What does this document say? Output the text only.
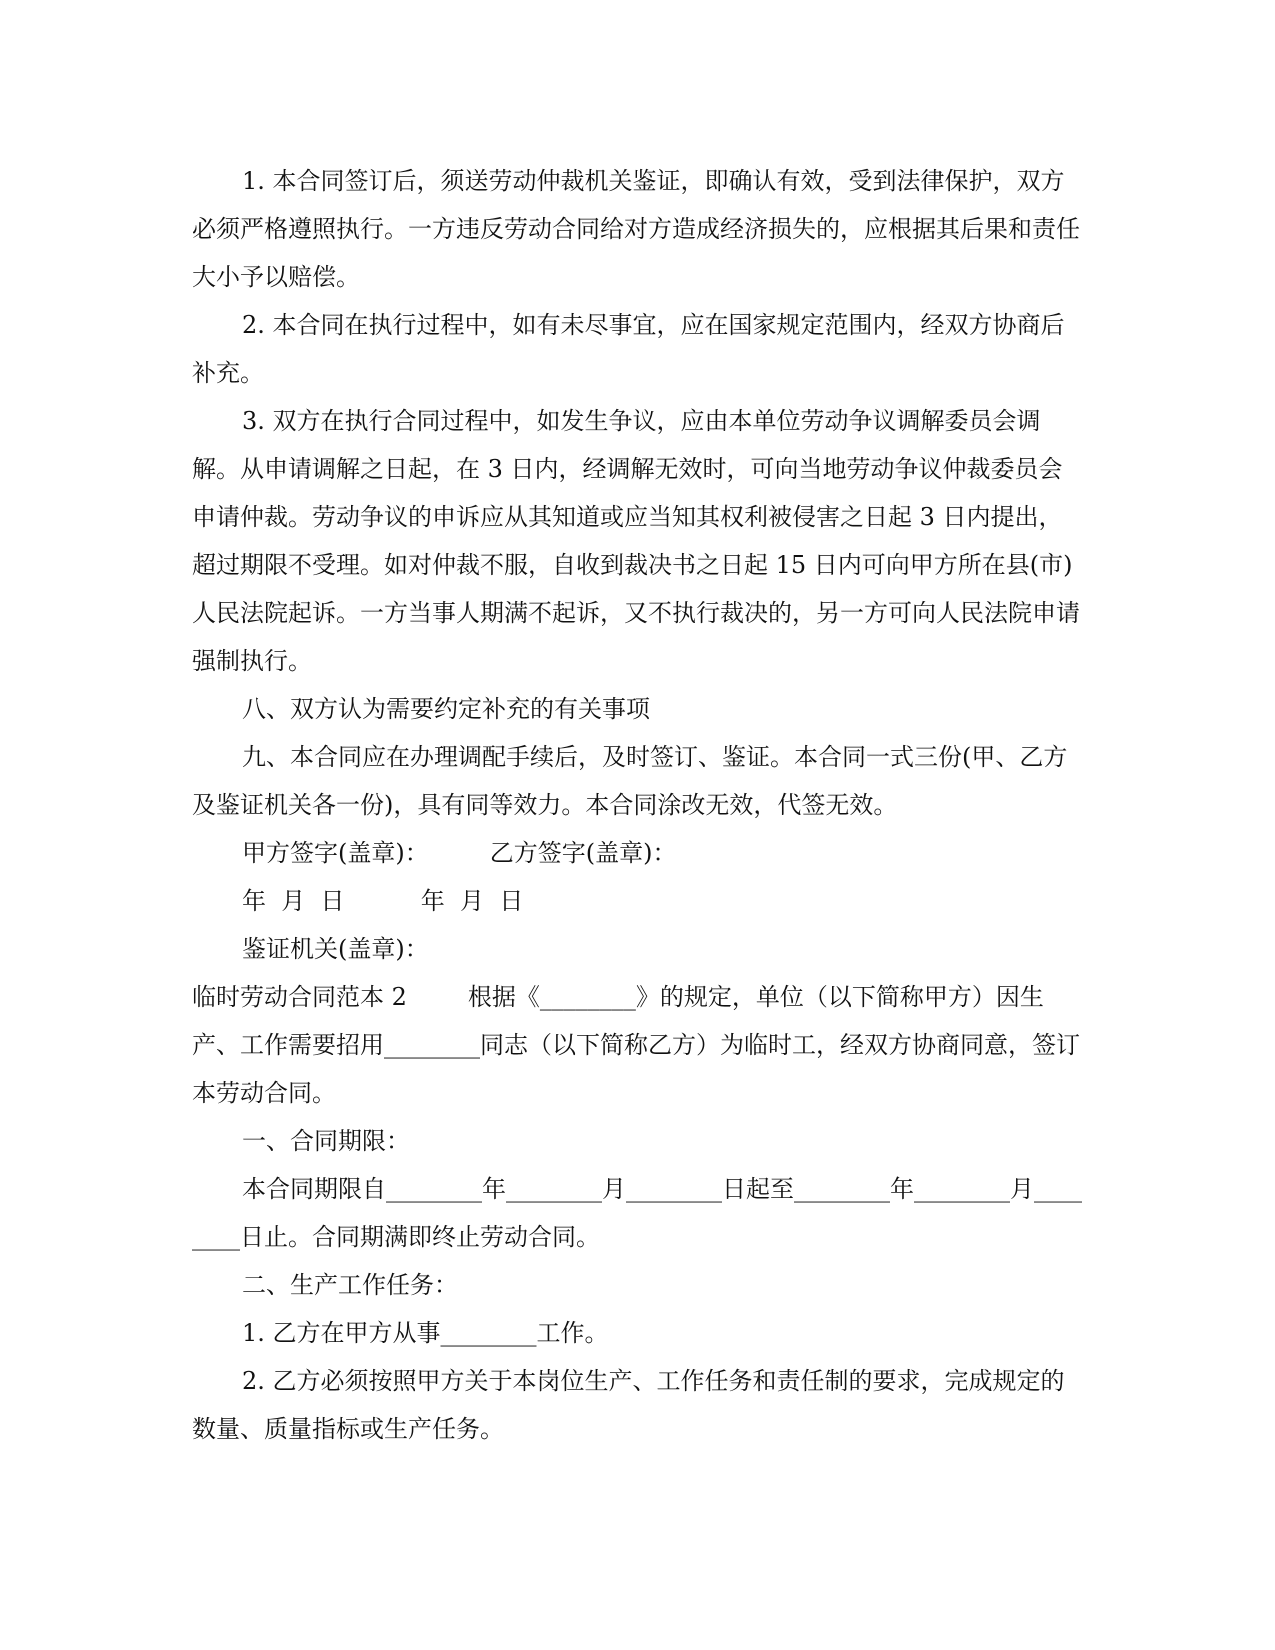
1. 本合同签订后，须送劳动仲裁机关鉴证，即确认有效，受到法律保护，双方必须严格遵照执行。一方违反劳动合同给对方造成经济损失的，应根据其后果和责任大小予以赔偿。

2. 本合同在执行过程中，如有未尽事宜，应在国家规定范围内，经双方协商后补充。

3. 双方在执行合同过程中，如发生争议，应由本单位劳动争议调解委员会调解。从申请调解之日起，在 3 日内，经调解无效时，可向当地劳动争议仲裁委员会申请仲裁。劳动争议的申诉应从其知道或应当知其权利被侵害之日起 3 日内提出，超过期限不受理。如对仲裁不服，自收到裁决书之日起 15 日内可向甲方所在县(市)人民法院起诉。一方当事人期满不起诉，又不执行裁决的，另一方可向人民法院申请强制执行。

八、双方认为需要约定补充的有关事项

九、本合同应在办理调配手续后，及时签订、鉴证。本合同一式三份(甲、乙方及鉴证机关各一份)，具有同等效力。本合同涂改无效，代签无效。

甲方签字(盖章)：        乙方签字(盖章)：

年  月  日          年  月  日

鉴证机关(盖章)：

临时劳动合同范本 2        根据《________》的规定，单位（以下简称甲方）因生产、工作需要招用________同志（以下简称乙方）为临时工，经双方协商同意，签订本劳动合同。

一、合同期限：

本合同期限自________年________月________日起至________年________月________日止。合同期满即终止劳动合同。

二、生产工作任务：

1. 乙方在甲方从事________工作。

2. 乙方必须按照甲方关于本岗位生产、工作任务和责任制的要求，完成规定的数量、质量指标或生产任务。
